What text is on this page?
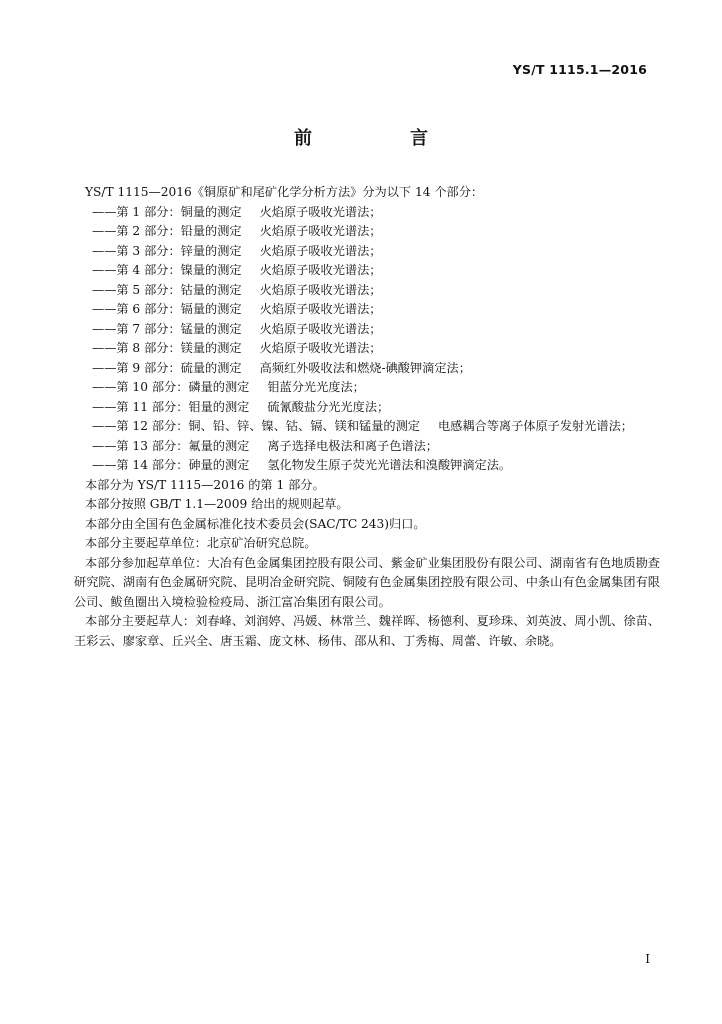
YS/T 1115.1—2016
前　言
YS/T 1115—2016《铜原矿和尾矿化学分析方法》分为以下 14 个部分：
——第 1 部分：铜量的测定 火焰原子吸收光谱法；
——第 2 部分：铅量的测定 火焰原子吸收光谱法；
——第 3 部分：锌量的测定 火焰原子吸收光谱法；
——第 4 部分：镍量的测定 火焰原子吸收光谱法；
——第 5 部分：钴量的测定 火焰原子吸收光谱法；
——第 6 部分：镉量的测定 火焰原子吸收光谱法；
——第 7 部分：锰量的测定 火焰原子吸收光谱法；
——第 8 部分：镁量的测定 火焰原子吸收光谱法；
——第 9 部分：硫量的测定 高频红外吸收法和燃烧-碘酸钾滴定法；
——第 10 部分：磷量的测定 钼蓝分光光度法；
——第 11 部分：钼量的测定 硫氰酸盐分光光度法；
——第 12 部分：铜、铅、锌、镍、钴、镉、镁和锰量的测定 电感耦合等离子体原子发射光谱法；
——第 13 部分：氟量的测定 离子选择电极法和离子色谱法；
——第 14 部分：砷量的测定 氢化物发生原子荧光光谱法和溴酸钾滴定法。
本部分为 YS/T 1115—2016 的第 1 部分。
本部分按照 GB/T 1.1—2009 给出的规则起草。
本部分由全国有色金属标准化技术委员会(SAC/TC 243)归口。
本部分主要起草单位：北京矿冶研究总院。
本部分参加起草单位：大冶有色金属集团控股有限公司、紫金矿业集团股份有限公司、湖南省有色地质勘查研究院、湖南有色金属研究院、昆明冶金研究院、铜陵有色金属集团控股有限公司、中条山有色金属集团有限公司、鲅鱼圈出入境检验检疫局、浙江富冶集团有限公司。
本部分主要起草人：刘春峰、刘润婷、冯媛、林常兰、魏祥晖、杨德利、夏珍珠、刘英波、周小凯、徐苗、王彩云、廖家章、丘兴全、唐玉霜、庞文林、杨伟、邵从和、丁秀梅、周蕾、许敏、余晓。
I
